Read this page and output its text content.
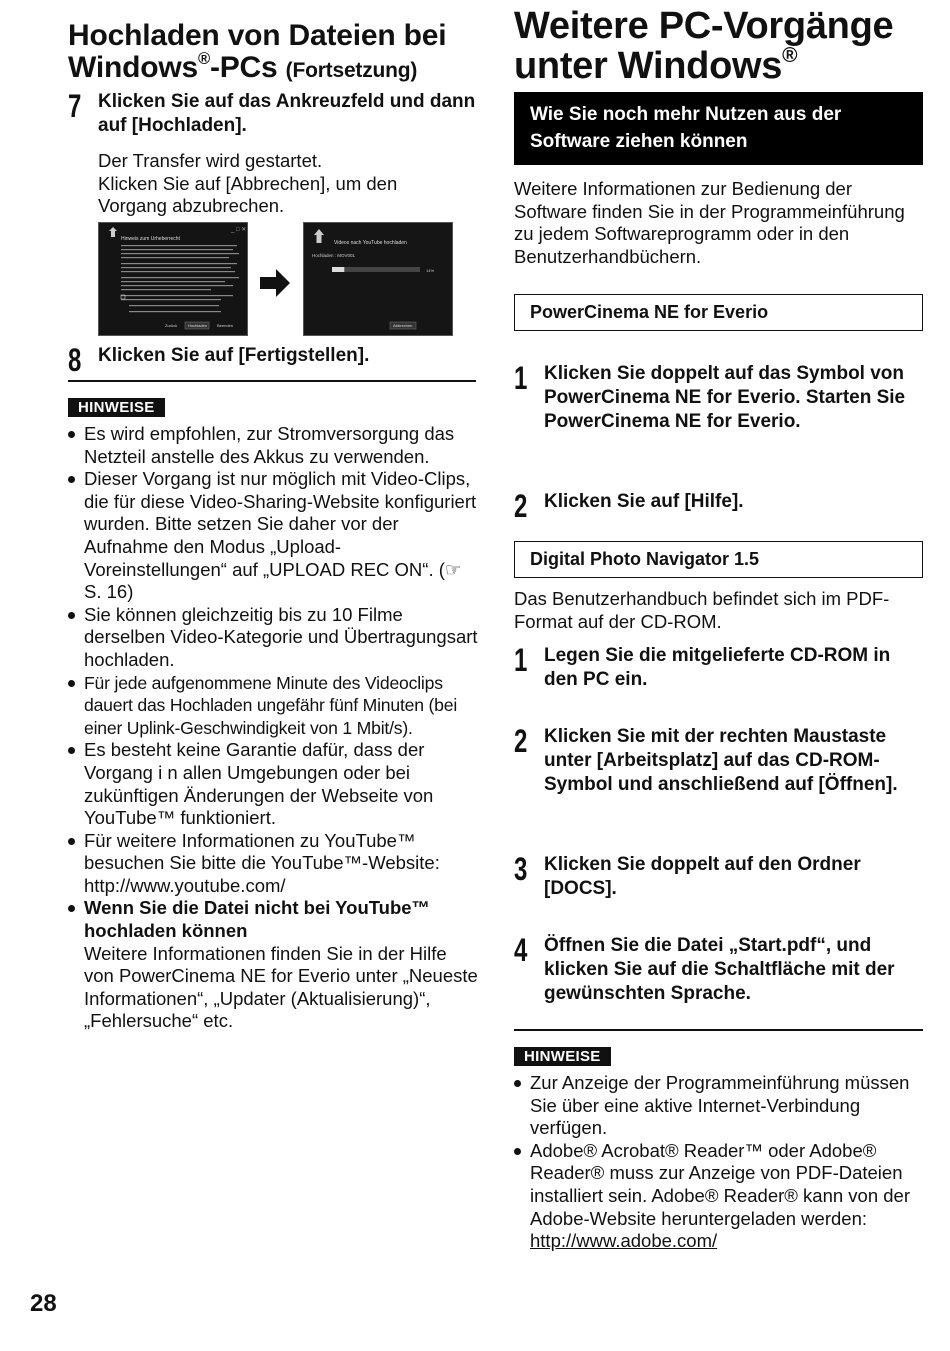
Hochladen von Dateien bei
Windows®-PCs (Fortsetzung)
7 Klicken Sie auf das Ankreuzfeld und dann auf [Hochladen].
Der Transfer wird gestartet.
Klicken Sie auf [Abbrechen], um den Vorgang abzubrechen.
Hinweis zum Urheberrecht
_ □ ✕
Zurück	Hochladen Beenden
Videos nach YouTube hochladen
Hochladen : MOV001
14%
Abbrechen
8 Klicken Sie auf [Fertigstellen].
HINWEISE
Es wird empfohlen, zur Stromversorgung das Netzteil anstelle des Akkus zu verwenden.
Dieser Vorgang ist nur möglich mit Video-Clips, die für diese Video-Sharing-Website konfiguriert wurden. Bitte setzen Sie daher vor der Aufnahme den Modus „Upload-Voreinstellungen“ auf „UPLOAD REC ON“. (☞ S. 16)
Sie können gleichzeitig bis zu 10 Filme derselben Video-Kategorie und Übertragungsart hochladen.
Für jede aufgenommene Minute des Videoclips dauert das Hochladen ungefähr fünf Minuten (bei einer Uplink-Geschwindigkeit von 1 Mbit/s).
Es besteht keine Garantie dafür, dass der Vorgang i n allen Umgebungen oder bei zukünftigen Änderungen der Webseite von YouTube™ funktioniert.
Für weitere Informationen zu YouTube™ besuchen Sie bitte die YouTube™-Website: http://www.youtube.com/
Wenn Sie die Datei nicht bei YouTube™ hochladen können
Weitere Informationen finden Sie in der Hilfe von PowerCinema NE for Everio unter „Neueste Informationen“, „Updater (Aktualisierung)“, „Fehlersuche“ etc.
Weitere PC-Vorgänge
unter Windows®
Wie Sie noch mehr Nutzen aus der Software ziehen können
Weitere Informationen zur Bedienung der Software finden Sie in der Programmeinführung zu jedem Softwareprogramm oder in den Benutzerhandbüchern.
PowerCinema NE for Everio
1 Klicken Sie doppelt auf das Symbol von PowerCinema NE for Everio. Starten Sie PowerCinema NE for Everio.
2 Klicken Sie auf [Hilfe].
Digital Photo Navigator 1.5
Das Benutzerhandbuch befindet sich im PDF-Format auf der CD-ROM.
1 Legen Sie die mitgelieferte CD-ROM in den PC ein.
2 Klicken Sie mit der rechten Maustaste unter [Arbeitsplatz] auf das CD-ROM-Symbol und anschließend auf [Öffnen].
3 Klicken Sie doppelt auf den Ordner [DOCS].
4 Öffnen Sie die Datei „Start.pdf“, und klicken Sie auf die Schaltfläche mit der gewünschten Sprache.
HINWEISE
Zur Anzeige der Programmeinführung müssen Sie über eine aktive Internet-Verbindung verfügen.
Adobe® Acrobat® Reader™ oder Adobe® Reader® muss zur Anzeige von PDF-Dateien installiert sein. Adobe® Reader® kann von der Adobe-Website heruntergeladen werden:
http://www.adobe.com/
28
